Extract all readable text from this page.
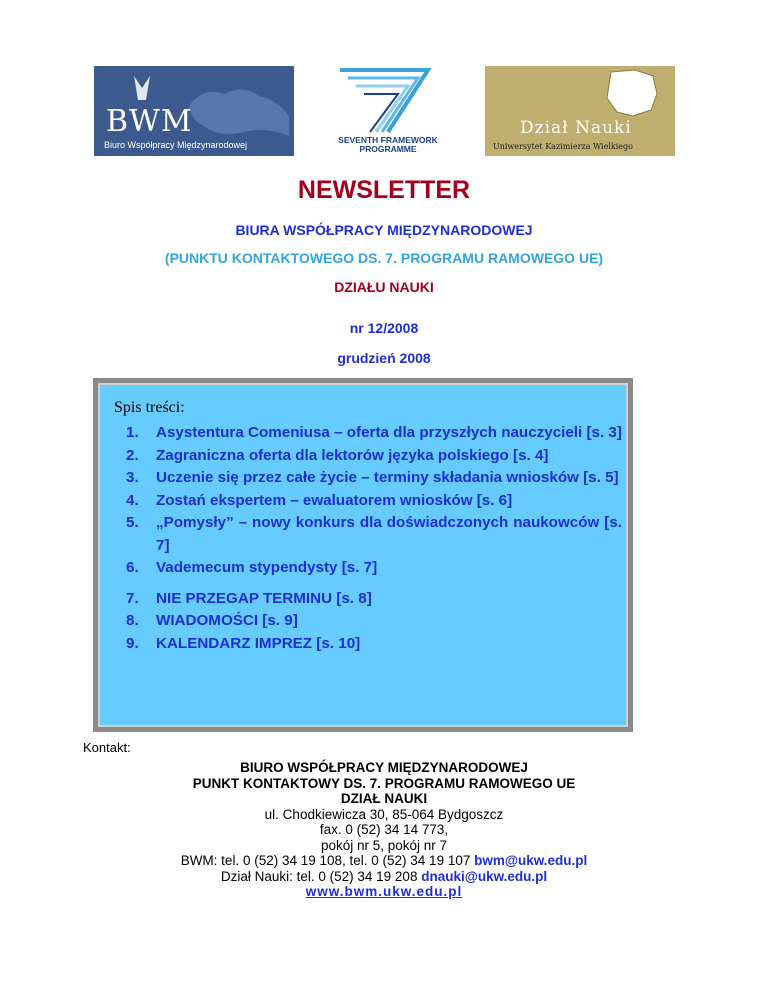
BWM
Biuro Współpracy Międzynarodowej	SEVENTH FRAMEWORK
PROGRAMME
Dział Nauki
Uniwersytet Kazimierza Wielkiego
NEWSLETTER
BIURA WSPÓŁPRACY MIĘDZYNARODOWEJ
(PUNKTU KONTAKTOWEGO DS. 7. PROGRAMU RAMOWEGO UE)
DZIAŁU NAUKI
nr 12/2008
grudzień 2008
Spis treści:
1. Asystentura Comeniusa – oferta dla przyszłych nauczycieli [s. 3]
2. Zagraniczna oferta dla lektorów języka polskiego [s. 4]
3. Uczenie się przez całe życie – terminy składania wniosków [s. 5]
4. Zostań ekspertem – ewaluatorem wniosków [s. 6]
5. „Pomysły” – nowy konkurs dla doświadczonych naukowców [s. 7]
6. Vademecum stypendysty [s. 7]
7. NIE PRZEGAP TERMINU [s. 8]
8. WIADOMOŚCI [s. 9]
9. KALENDARZ IMPREZ [s. 10]
Kontakt:
BIURO WSPÓŁPRACY MIĘDZYNARODOWEJ
PUNKT KONTAKTOWY DS. 7. PROGRAMU RAMOWEGO UE
DZIAŁ NAUKI
ul. Chodkiewicza 30, 85-064 Bydgoszcz
fax. 0 (52) 34 14 773,
pokój nr 5, pokój nr 7
BWM: tel. 0 (52) 34 19 108, tel. 0 (52) 34 19 107 bwm@ukw.edu.pl
Dział Nauki: tel. 0 (52) 34 19 208 dnauki@ukw.edu.pl
www.bwm.ukw.edu.pl
